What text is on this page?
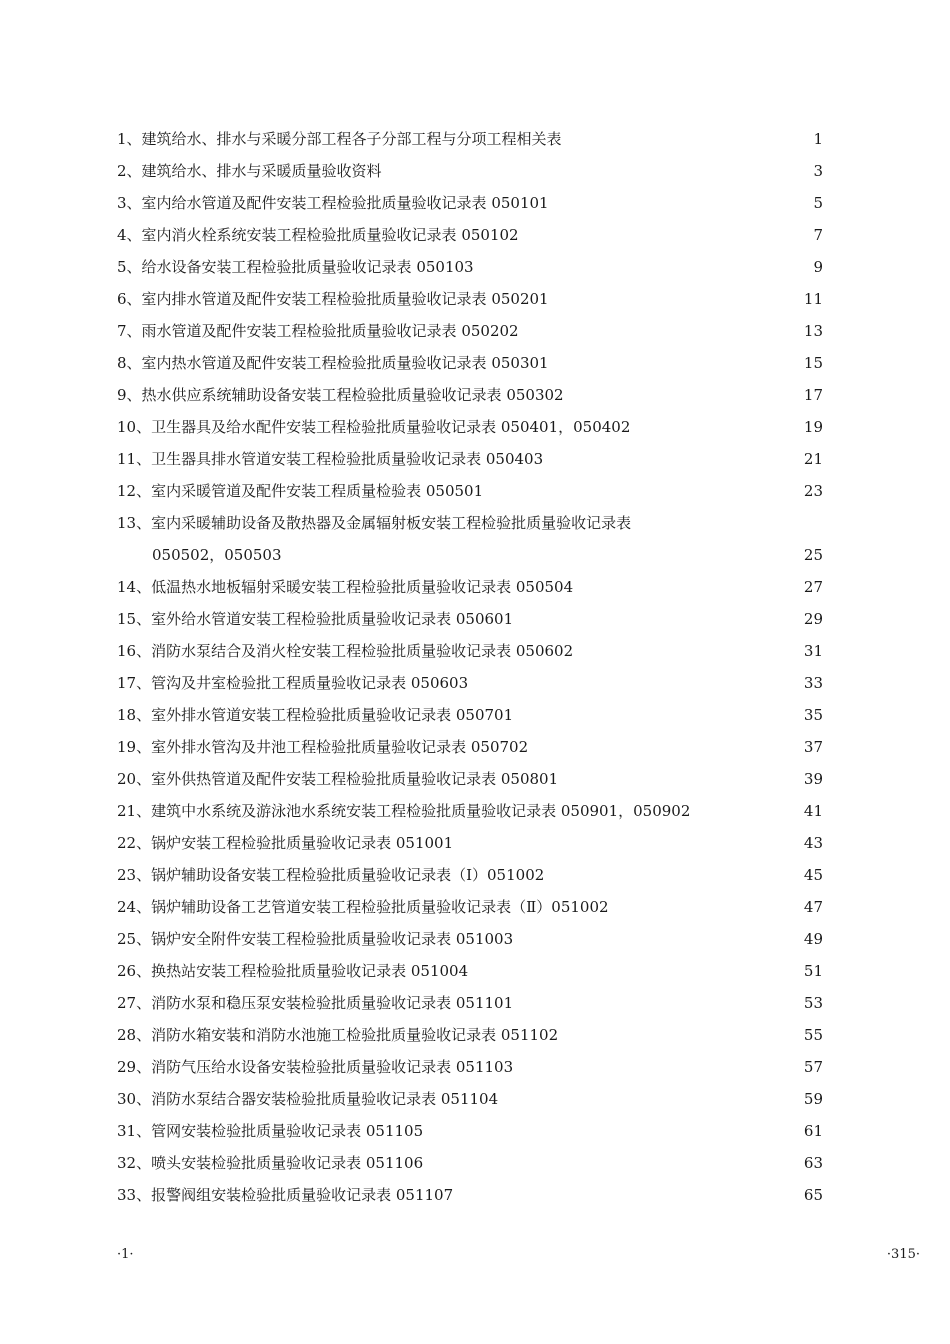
1、建筑给水、排水与采暖分部工程各子分部工程与分项工程相关表	1
2、建筑给水、排水与采暖质量验收资料	3
3、室内给水管道及配件安装工程检验批质量验收记录表 050101	5
4、室内消火栓系统安装工程检验批质量验收记录表 050102	7
5、给水设备安装工程检验批质量验收记录表 050103	9
6、室内排水管道及配件安装工程检验批质量验收记录表 050201	11
7、雨水管道及配件安装工程检验批质量验收记录表 050202	13
8、室内热水管道及配件安装工程检验批质量验收记录表 050301	15
9、热水供应系统辅助设备安装工程检验批质量验收记录表 050302	17
10、卫生器具及给水配件安装工程检验批质量验收记录表 050401，050402	19
11、卫生器具排水管道安装工程检验批质量验收记录表 050403	21
12、室内采暖管道及配件安装工程质量检验表 050501	23
13、室内采暖辅助设备及散热器及金属辐射板安装工程检验批质量验收记录表
050502，050503	25
14、低温热水地板辐射采暖安装工程检验批质量验收记录表 050504	27
15、室外给水管道安装工程检验批质量验收记录表 050601	29
16、消防水泵结合及消火栓安装工程检验批质量验收记录表 050602	31
17、管沟及井室检验批工程质量验收记录表 050603	33
18、室外排水管道安装工程检验批质量验收记录表 050701	35
19、室外排水管沟及井池工程检验批质量验收记录表 050702	37
20、室外供热管道及配件安装工程检验批质量验收记录表 050801	39
21、建筑中水系统及游泳池水系统安装工程检验批质量验收记录表 050901，050902	41
22、锅炉安装工程检验批质量验收记录表 051001	43
23、锅炉辅助设备安装工程检验批质量验收记录表（Ⅰ）051002	45
24、锅炉辅助设备工艺管道安装工程检验批质量验收记录表（Ⅱ）051002	47
25、锅炉安全附件安装工程检验批质量验收记录表 051003	49
26、换热站安装工程检验批质量验收记录表 051004	51
27、消防水泵和稳压泵安装检验批质量验收记录表 051101	53
28、消防水箱安装和消防水池施工检验批质量验收记录表 051102	55
29、消防气压给水设备安装检验批质量验收记录表 051103	57
30、消防水泵结合器安装检验批质量验收记录表 051104	59
31、管网安装检验批质量验收记录表 051105	61
32、喷头安装检验批质量验收记录表 051106	63
33、报警阀组安装检验批质量验收记录表 051107	65
·1·	·315·
